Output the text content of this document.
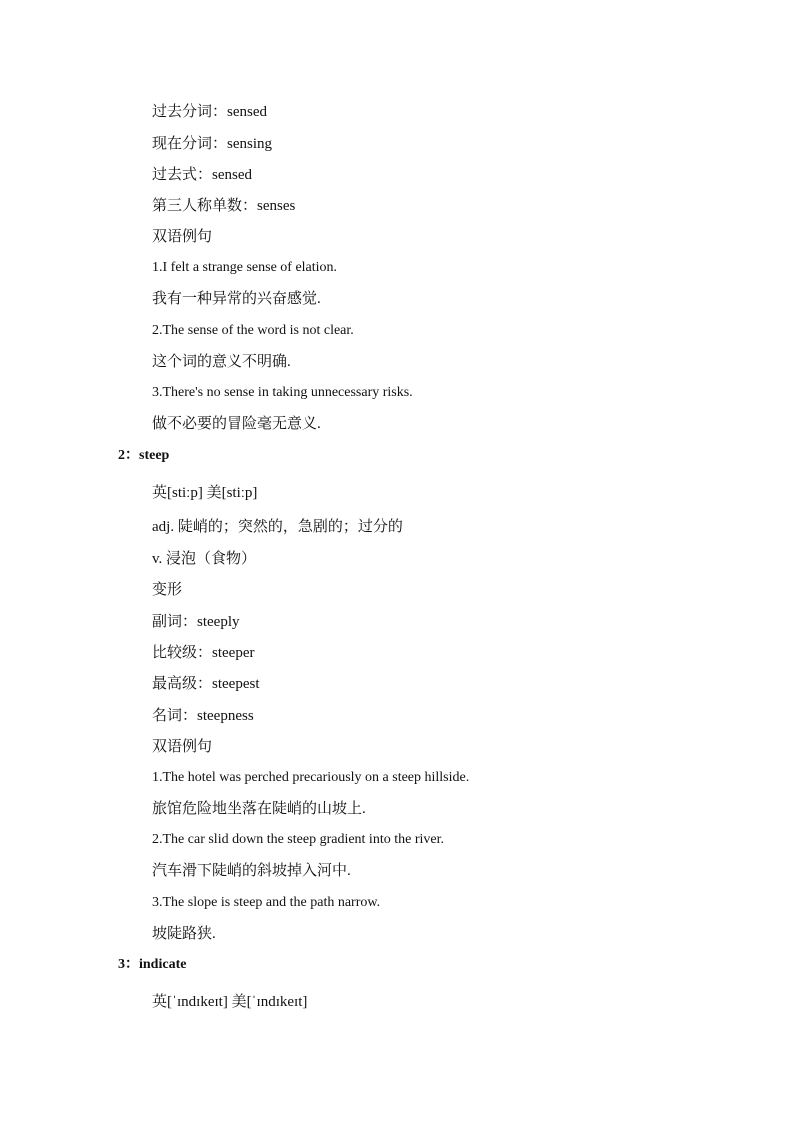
过去分词：sensed
现在分词：sensing
过去式：sensed
第三人称单数：senses
双语例句
1.I felt a strange sense of elation.
我有一种异常的兴奋感觉.
2.The sense of the word is not clear.
这个词的意义不明确.
3.There's no sense in taking unnecessary risks.
做不必要的冒险毫无意义.
2：steep
英[stiːp] 美[stiːp]
adj. 陡峭的；突然的，急剧的；过分的
v. 浸泡（食物）
变形
副词：steeply
比较级：steeper
最高级：steepest
名词：steepness
双语例句
1.The hotel was perched precariously on a steep hillside.
旅馆危险地坐落在陡峭的山坡上.
2.The car slid down the steep gradient into the river.
汽车滑下陡峭的斜坡掉入河中.
3.The slope is steep and the path narrow.
坡陡路狭.
3：indicate
英[ˈɪndɪkeɪt] 美[ˈɪndɪkeɪt]
